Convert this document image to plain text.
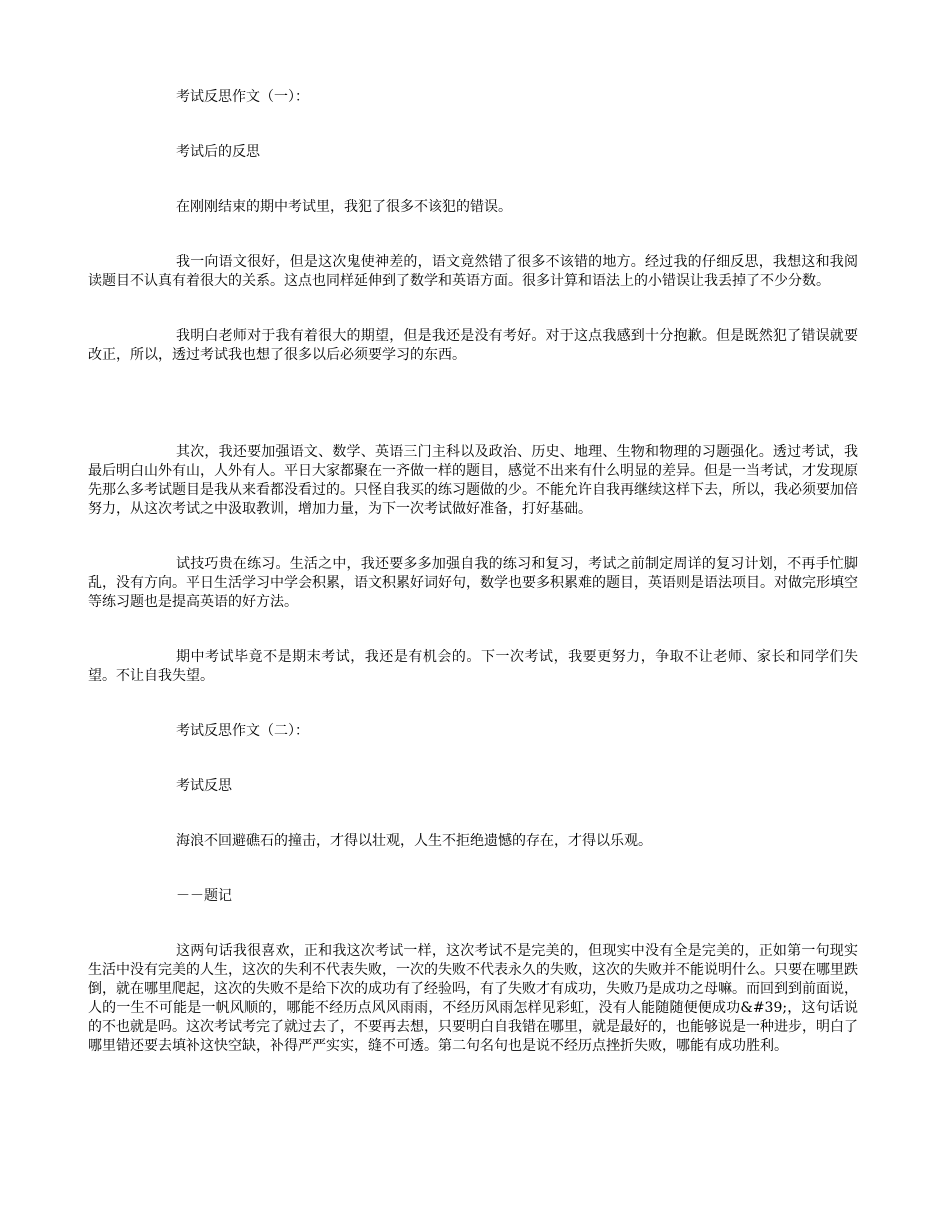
考试反思作文（一）：

考试后的反思

在刚刚结束的期中考试里，我犯了很多不该犯的错误。

我一向语文很好，但是这次鬼使神差的，语文竟然错了很多不该错的地方。经过我的仔细反思，我想这和我阅读题目不认真有着很大的关系。这点也同样延伸到了数学和英语方面。很多计算和语法上的小错误让我丢掉了不少分数。

我明白老师对于我有着很大的期望，但是我还是没有考好。对于这点我感到十分抱歉。但是既然犯了错误就要改正，所以，透过考试我也想了很多以后必须要学习的东西。

其次，我还要加强语文、数学、英语三门主科以及政治、历史、地理、生物和物理的习题强化。透过考试，我最后明白山外有山，人外有人。平日大家都聚在一齐做一样的题目，感觉不出来有什么明显的差异。但是一当考试，才发现原先那么多考试题目是我从来看都没看过的。只怪自我买的练习题做的少。不能允许自我再继续这样下去，所以，我必须要加倍努力，从这次考试之中汲取教训，增加力量，为下一次考试做好准备，打好基础。

试技巧贵在练习。生活之中，我还要多多加强自我的练习和复习，考试之前制定周详的复习计划，不再手忙脚乱，没有方向。平日生活学习中学会积累，语文积累好词好句，数学也要多积累难的题目，英语则是语法项目。对做完形填空等练习题也是提高英语的好方法。

期中考试毕竟不是期末考试，我还是有机会的。下一次考试，我要更努力，争取不让老师、家长和同学们失望。不让自我失望。

考试反思作文（二）：

考试反思

海浪不回避礁石的撞击，才得以壮观，人生不拒绝遗憾的存在，才得以乐观。

－－题记

这两句话我很喜欢，正和我这次考试一样，这次考试不是完美的，但现实中没有全是完美的，正如第一句现实生活中没有完美的人生，这次的失利不代表失败，一次的失败不代表永久的失败，这次的失败并不能说明什么。只要在哪里跌倒，就在哪里爬起，这次的失败不是给下次的成功有了经验吗，有了失败才有成功，失败乃是成功之母嘛。而回到到前面说，人的一生不可能是一帆风顺的，哪能不经历点风风雨雨，不经历风雨怎样见彩虹，没有人能随随便便成功&#39;，这句话说的不也就是吗。这次考试考完了就过去了，不要再去想，只要明白自我错在哪里，就是最好的，也能够说是一种进步，明白了哪里错还要去填补这快空缺，补得严严实实，缝不可透。第二句名句也是说不经历点挫折失败，哪能有成功胜利。
